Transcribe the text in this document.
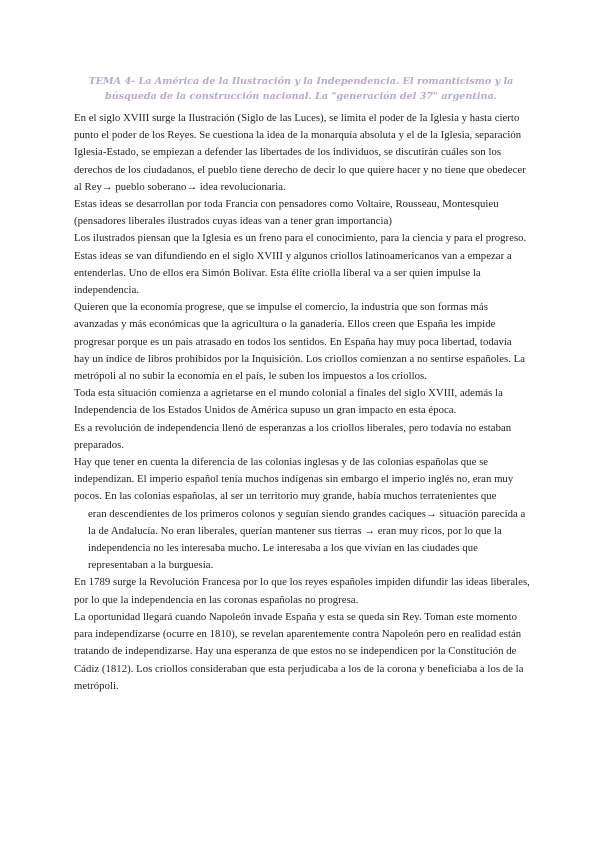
TEMA 4- La América de la Ilustración y la Independencia. El romanticismo y la búsqueda de la construcción nacional. La "generación del 37" argentina.

En el siglo XVIII surge la Ilustración (Siglo de las Luces), se limita el poder de la Iglesia y hasta cierto punto el poder de los Reyes. Se cuestiona la idea de la monarquía absoluta y el de la Iglesia, separación Iglesia-Estado, se empiezan a defender las libertades de los individuos, se discutirán cuáles son los derechos de los ciudadanos, el pueblo tiene derecho de decir lo que quiere hacer y no tiene que obedecer al Rey→ pueblo soberano→ idea revolucionaria.

Estas ideas se desarrollan por toda Francia con pensadores como Voltaire, Rousseau, Montesquieu (pensadores liberales ilustrados cuyas ideas van a tener gran importancia)

Los ilustrados piensan que la Iglesia es un freno para el conocimiento, para la ciencia y para el progreso. Estas ideas se van difundiendo en el siglo XVIII y algunos criollos latinoamericanos van a empezar a entenderlas. Uno de ellos era Simón Bolívar. Esta élite criolla liberal va a ser quien impulse la independencia.

Quieren que la economía progrese, que se impulse el comercio, la industria que son formas más avanzadas y más económicas que la agricultura o la ganadería. Ellos creen que España les impide progresar porque es un país atrasado en todos los sentidos. En España hay muy poca libertad, todavía hay un índice de libros prohibidos por la Inquisición. Los criollos comienzan a no sentirse españoles. La metrópoli al no subir la economía en el país, le suben los impuestos a los criollos.

Toda esta situación comienza a agrietarse en el mundo colonial a finales del siglo XVIII, además la Independencia de los Estados Unidos de América supuso un gran impacto en esta época.

Es a revolución de independencia llenó de esperanzas a los criollos liberales, pero todavía no estaban preparados.

Hay que tener en cuenta la diferencia de las colonias inglesas y de las colonias españolas que se independizan. El imperio español tenía muchos indígenas sin embargo el imperio inglés no, eran muy pocos. En las colonias españolas, al ser un territorio muy grande, había muchos terratenientes que

eran descendientes de los primeros colonos y seguían siendo grandes caciques→ situación parecida a la de Andalucía. No eran liberales, querían mantener sus tierras → eran muy ricos, por lo que la independencia no les interesaba mucho. Le interesaba a los que vivían en las ciudades que

representaban a la burguesía.

En 1789 surge la Revolución Francesa por lo que los reyes españoles impiden difundir las ideas liberales, por lo que la independencia en las coronas españolas no progresa.

La oportunidad llegará cuando Napoleón invade España y esta se queda sin Rey. Toman este momento para independizarse (ocurre en 1810), se revelan aparentemente contra Napoleón pero en realidad están tratando de independizarse. Hay una esperanza de que estos no se independicen por la Constitución de Cádiz (1812). Los criollos consideraban que esta perjudicaba a los de la corona y beneficiaba a los de la metrópoli.
